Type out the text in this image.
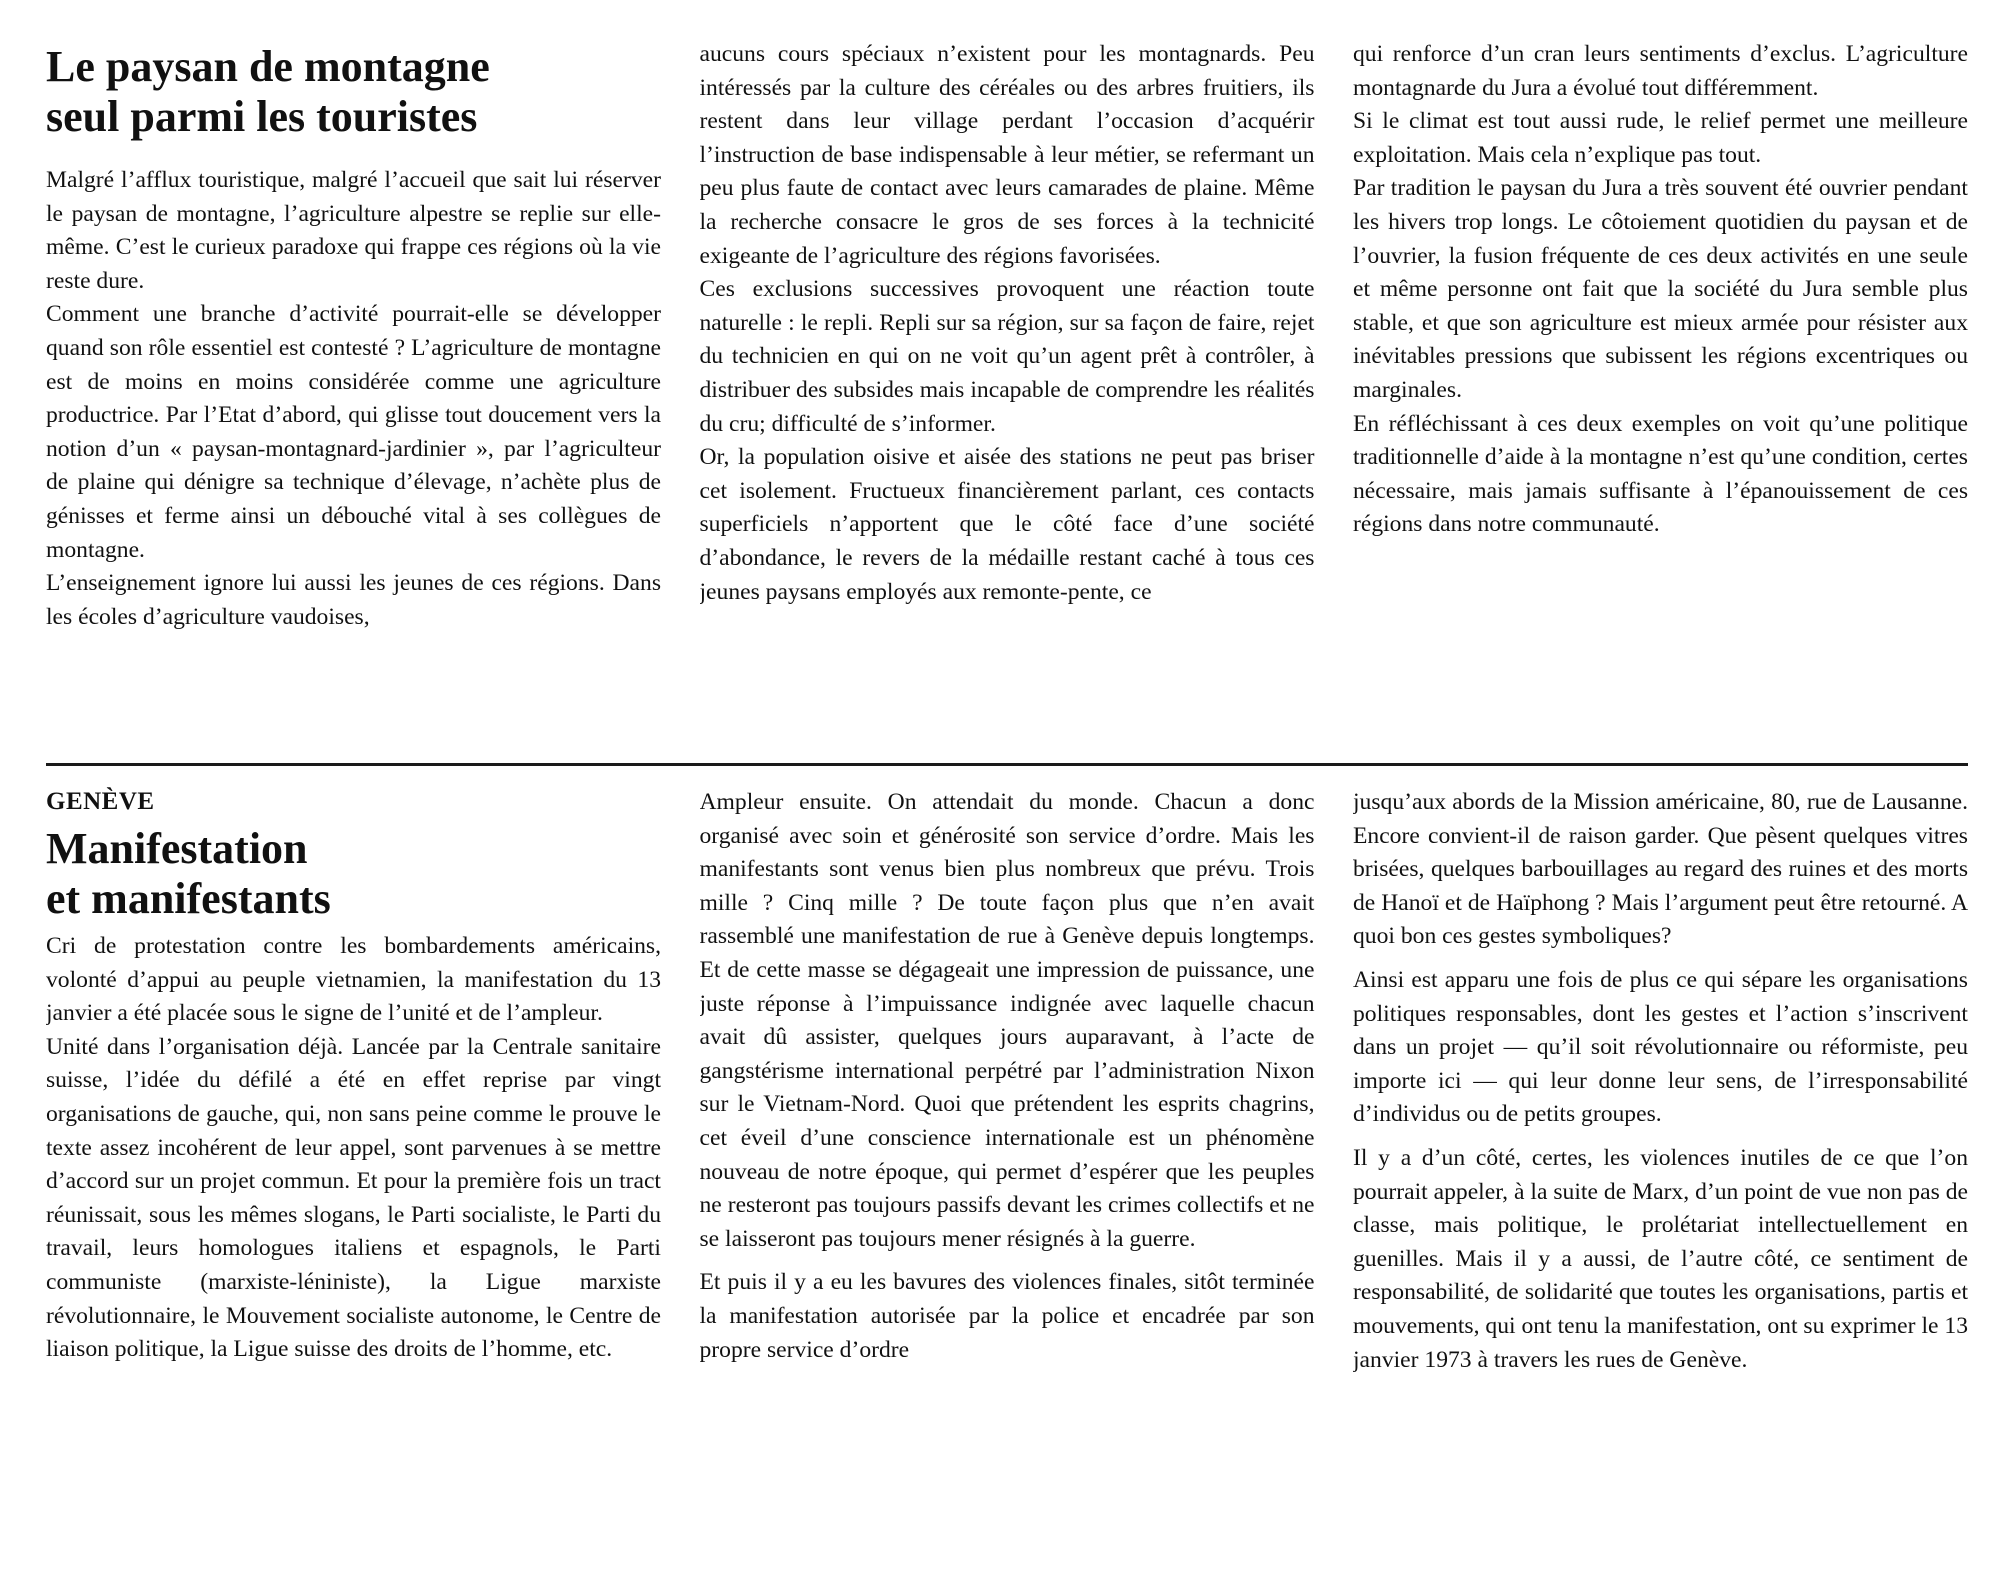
Le paysan de montagne
seul parmi les touristes

Malgré l’afflux touristique, malgré l’accueil que sait lui réserver le paysan de montagne, l’agriculture alpestre se replie sur elle-même. C’est le curieux paradoxe qui frappe ces régions où la vie reste dure.

Comment une branche d’activité pourrait-elle se développer quand son rôle essentiel est contesté ? L’agriculture de montagne est de moins en moins considérée comme une agriculture productrice. Par l’Etat d’abord, qui glisse tout doucement vers la notion d’un « paysan-montagnard-jardinier », par l’agriculteur de plaine qui dénigre sa technique d’élevage, n’achète plus de génisses et ferme ainsi un débouché vital à ses collègues de montagne.

L’enseignement ignore lui aussi les jeunes de ces régions. Dans les écoles d’agriculture vaudoises,

aucuns cours spéciaux n’existent pour les montagnards. Peu intéressés par la culture des céréales ou des arbres fruitiers, ils restent dans leur village perdant l’occasion d’acquérir l’instruction de base indispensable à leur métier, se refermant un peu plus faute de contact avec leurs camarades de plaine. Même la recherche consacre le gros de ses forces à la technicité exigeante de l’agriculture des régions favorisées.

Ces exclusions successives provoquent une réaction toute naturelle : le repli. Repli sur sa région, sur sa façon de faire, rejet du technicien en qui on ne voit qu’un agent prêt à contrôler, à distribuer des subsides mais incapable de comprendre les réalités du cru; difficulté de s’informer.

Or, la population oisive et aisée des stations ne peut pas briser cet isolement. Fructueux financièrement parlant, ces contacts superficiels n’apportent que le côté face d’une société d’abondance, le revers de la médaille restant caché à tous ces jeunes paysans employés aux remonte-pente, ce

qui renforce d’un cran leurs sentiments d’exclus. L’agriculture montagnarde du Jura a évolué tout différemment.

Si le climat est tout aussi rude, le relief permet une meilleure exploitation. Mais cela n’explique pas tout.

Par tradition le paysan du Jura a très souvent été ouvrier pendant les hivers trop longs. Le côtoiement quotidien du paysan et de l’ouvrier, la fusion fréquente de ces deux activités en une seule et même personne ont fait que la société du Jura semble plus stable, et que son agriculture est mieux armée pour résister aux inévitables pressions que subissent les régions excentriques ou marginales.

En réfléchissant à ces deux exemples on voit qu’une politique traditionnelle d’aide à la montagne n’est qu’une condition, certes nécessaire, mais jamais suffisante à l’épanouissement de ces régions dans notre communauté.

GENÈVE
Manifestation
et manifestants

Cri de protestation contre les bombardements américains, volonté d’appui au peuple vietnamien, la manifestation du 13 janvier a été placée sous le signe de l’unité et de l’ampleur.

Unité dans l’organisation déjà. Lancée par la Centrale sanitaire suisse, l’idée du défilé a été en effet reprise par vingt organisations de gauche, qui, non sans peine comme le prouve le texte assez incohérent de leur appel, sont parvenues à se mettre d’accord sur un projet commun. Et pour la première fois un tract réunissait, sous les mêmes slogans, le Parti socialiste, le Parti du travail, leurs homologues italiens et espagnols, le Parti communiste (marxiste-léniniste), la Ligue marxiste révolutionnaire, le Mouvement socialiste autonome, le Centre de liaison politique, la Ligue suisse des droits de l’homme, etc.

Ampleur ensuite. On attendait du monde. Chacun a donc organisé avec soin et générosité son service d’ordre. Mais les manifestants sont venus bien plus nombreux que prévu. Trois mille ? Cinq mille ? De toute façon plus que n’en avait rassemblé une manifestation de rue à Genève depuis longtemps. Et de cette masse se dégageait une impression de puissance, une juste réponse à l’impuissance indignée avec laquelle chacun avait dû assister, quelques jours auparavant, à l’acte de gangstérisme international perpétré par l’administration Nixon sur le Vietnam-Nord. Quoi que prétendent les esprits chagrins, cet éveil d’une conscience internationale est un phénomène nouveau de notre époque, qui permet d’espérer que les peuples ne resteront pas toujours passifs devant les crimes collectifs et ne se laisseront pas toujours mener résignés à la guerre.

Et puis il y a eu les bavures des violences finales, sitôt terminée la manifestation autorisée par la police et encadrée par son propre service d’ordre

jusqu’aux abords de la Mission américaine, 80, rue de Lausanne. Encore convient-il de raison garder. Que pèsent quelques vitres brisées, quelques barbouillages au regard des ruines et des morts de Hanoï et de Haïphong ? Mais l’argument peut être retourné. A quoi bon ces gestes symboliques?

Ainsi est apparu une fois de plus ce qui sépare les organisations politiques responsables, dont les gestes et l’action s’inscrivent dans un projet — qu’il soit révolutionnaire ou réformiste, peu importe ici — qui leur donne leur sens, de l’irresponsabilité d’individus ou de petits groupes.

Il y a d’un côté, certes, les violences inutiles de ce que l’on pourrait appeler, à la suite de Marx, d’un point de vue non pas de classe, mais politique, le prolétariat intellectuellement en guenilles. Mais il y a aussi, de l’autre côté, ce sentiment de responsabilité, de solidarité que toutes les organisations, partis et mouvements, qui ont tenu la manifestation, ont su exprimer le 13 janvier 1973 à travers les rues de Genève.
